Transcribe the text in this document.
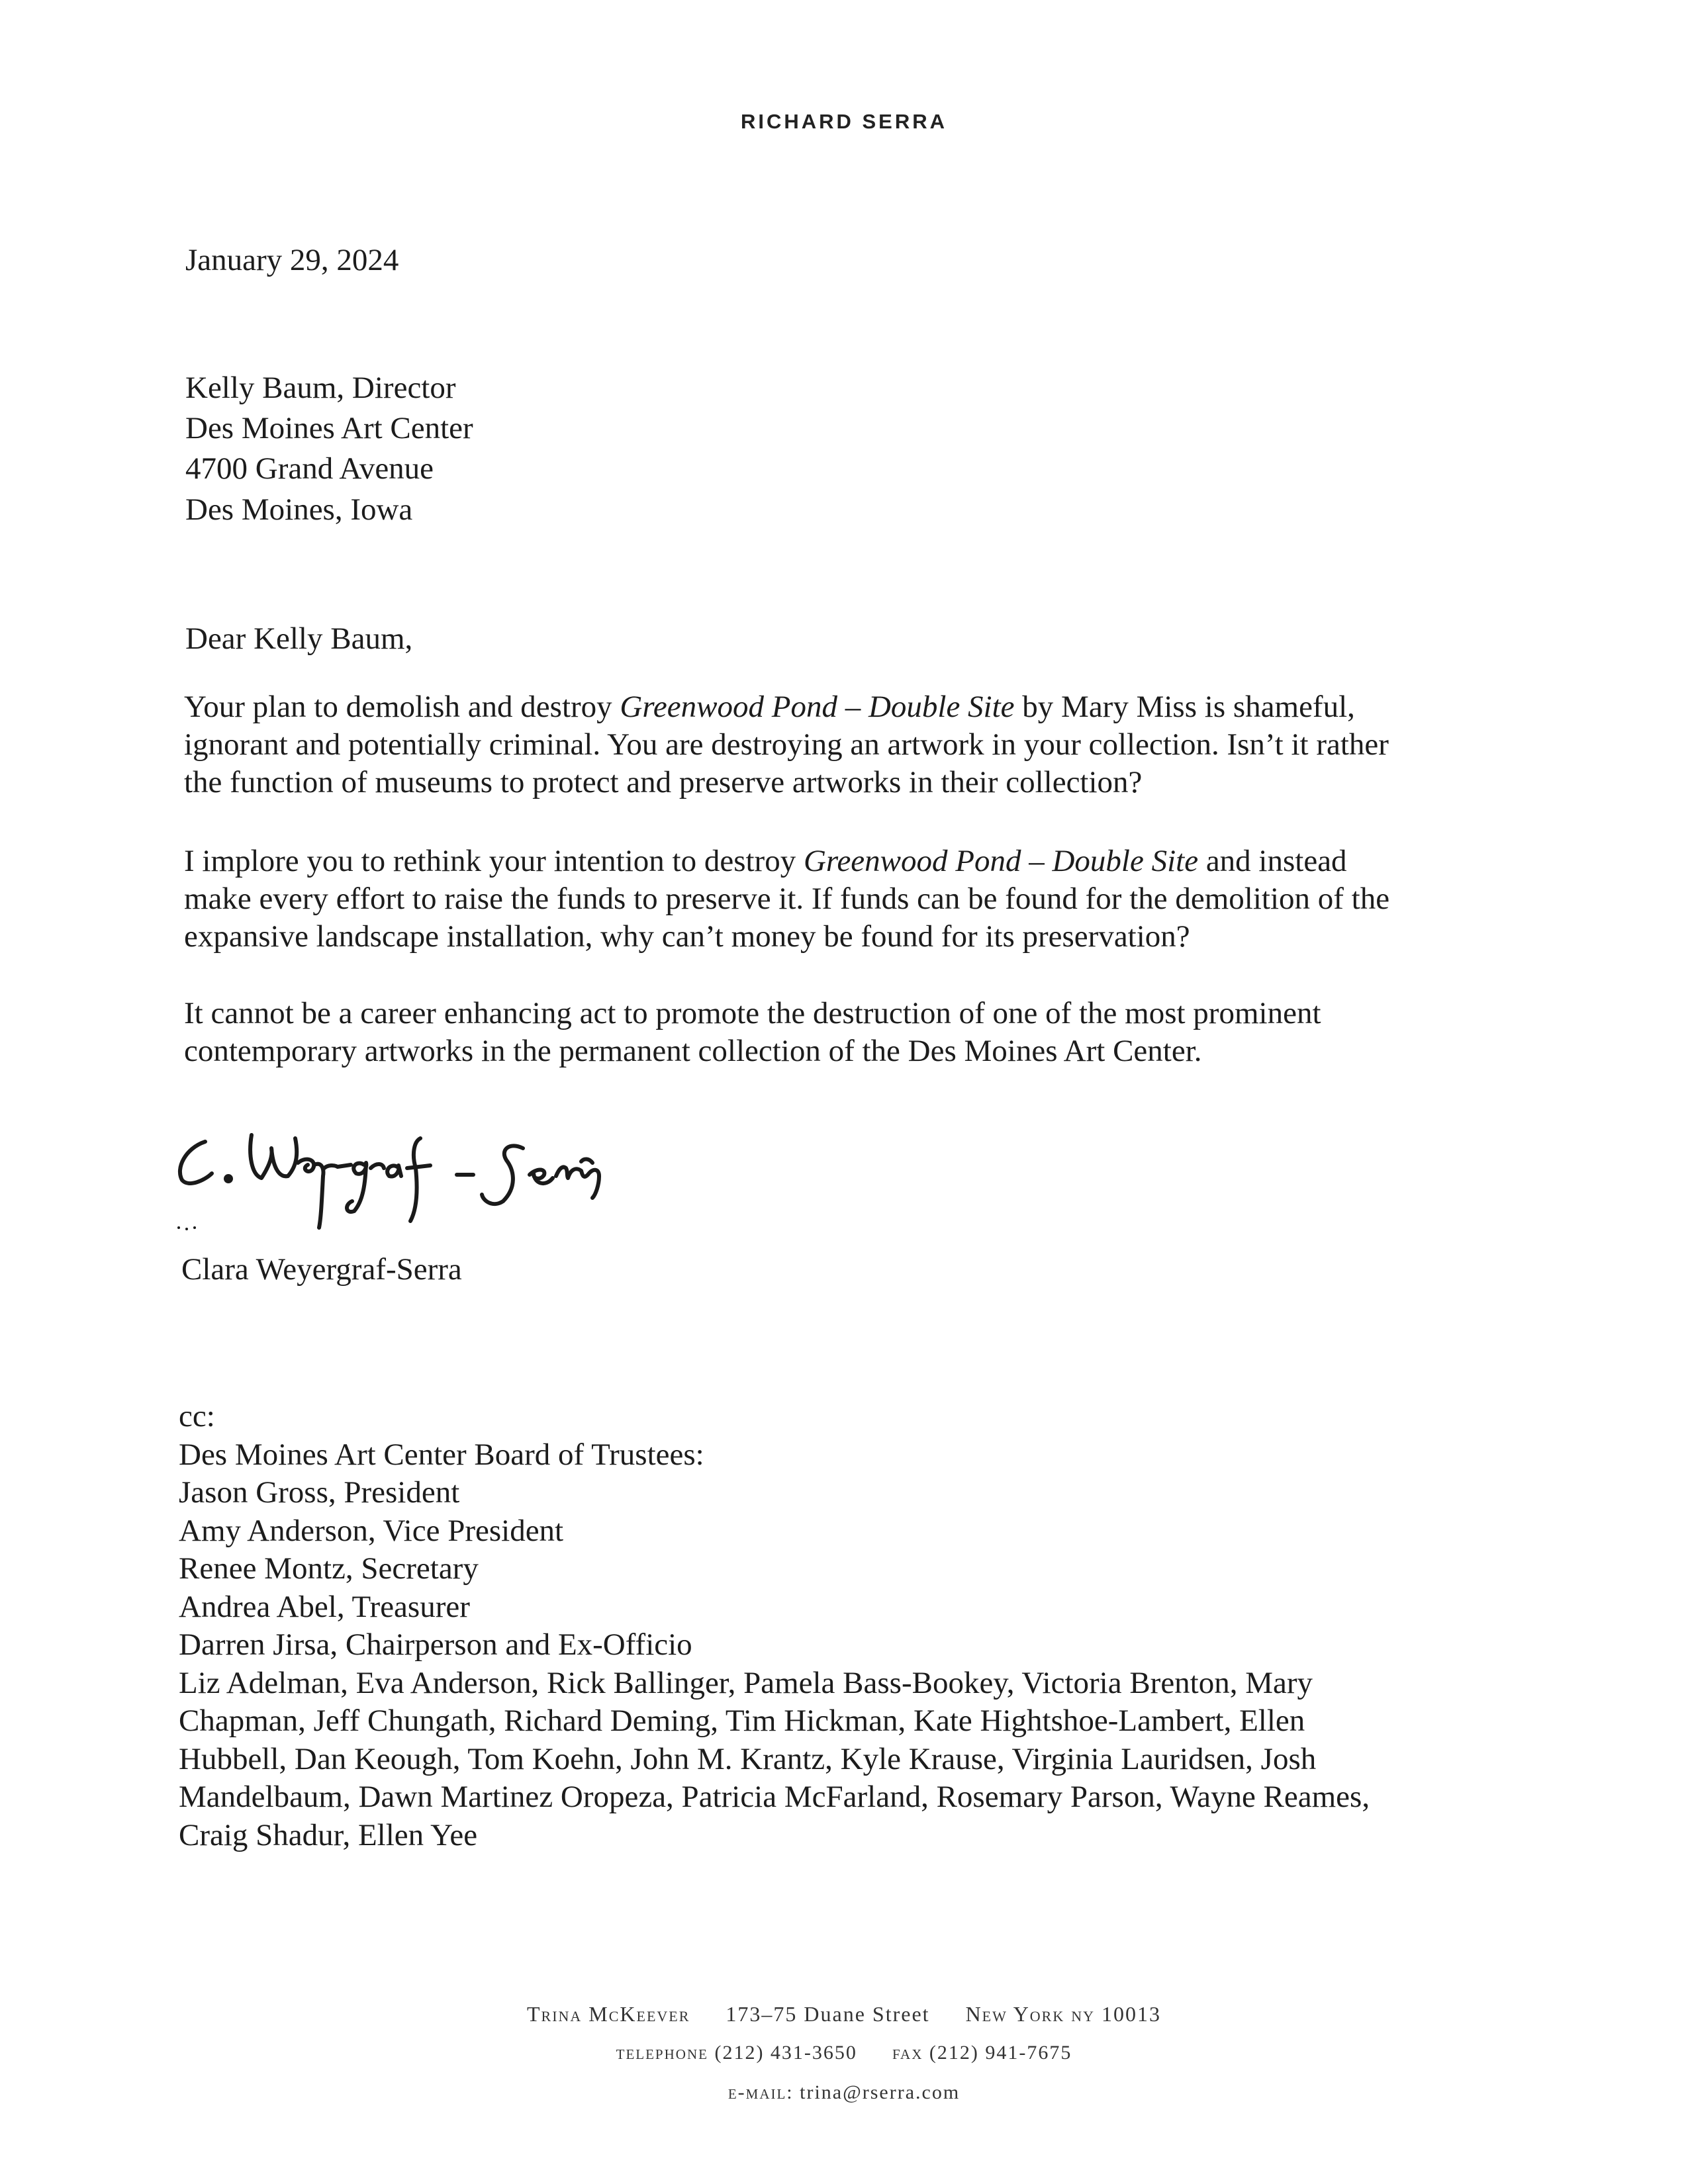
RICHARD SERRA
January 29, 2024
Kelly Baum, Director
Des Moines Art Center
4700 Grand Avenue
Des Moines, Iowa
Dear Kelly Baum,
Your plan to demolish and destroy Greenwood Pond – Double Site by Mary Miss is shameful,
ignorant and potentially criminal. You are destroying an artwork in your collection. Isn’t it rather
the function of museums to protect and preserve artworks in their collection?
I implore you to rethink your intention to destroy Greenwood Pond – Double Site and instead
make every effort to raise the funds to preserve it. If funds can be found for the demolition of the
expansive landscape installation, why can’t money be found for its preservation?
It cannot be a career enhancing act to promote the destruction of one of the most prominent
contemporary artworks in the permanent collection of the Des Moines Art Center.
Clara Weyergraf-Serra
cc:
Des Moines Art Center Board of Trustees:
Jason Gross, President
Amy Anderson, Vice President
Renee Montz, Secretary
Andrea Abel, Treasurer
Darren Jirsa, Chairperson and Ex-Officio
Liz Adelman, Eva Anderson, Rick Ballinger, Pamela Bass-Bookey, Victoria Brenton, Mary
Chapman, Jeff Chungath, Richard Deming, Tim Hickman, Kate Hightshoe-Lambert, Ellen
Hubbell, Dan Keough, Tom Koehn, John M. Krantz, Kyle Krause, Virginia Lauridsen, Josh
Mandelbaum, Dawn Martinez Oropeza, Patricia McFarland, Rosemary Parson, Wayne Reames,
Craig Shadur, Ellen Yee
Trina McKeever 173–75 Duane Street New York ny 10013
telephone (212) 431-3650 fax (212) 941-7675
e-mail: trina@rserra.com
